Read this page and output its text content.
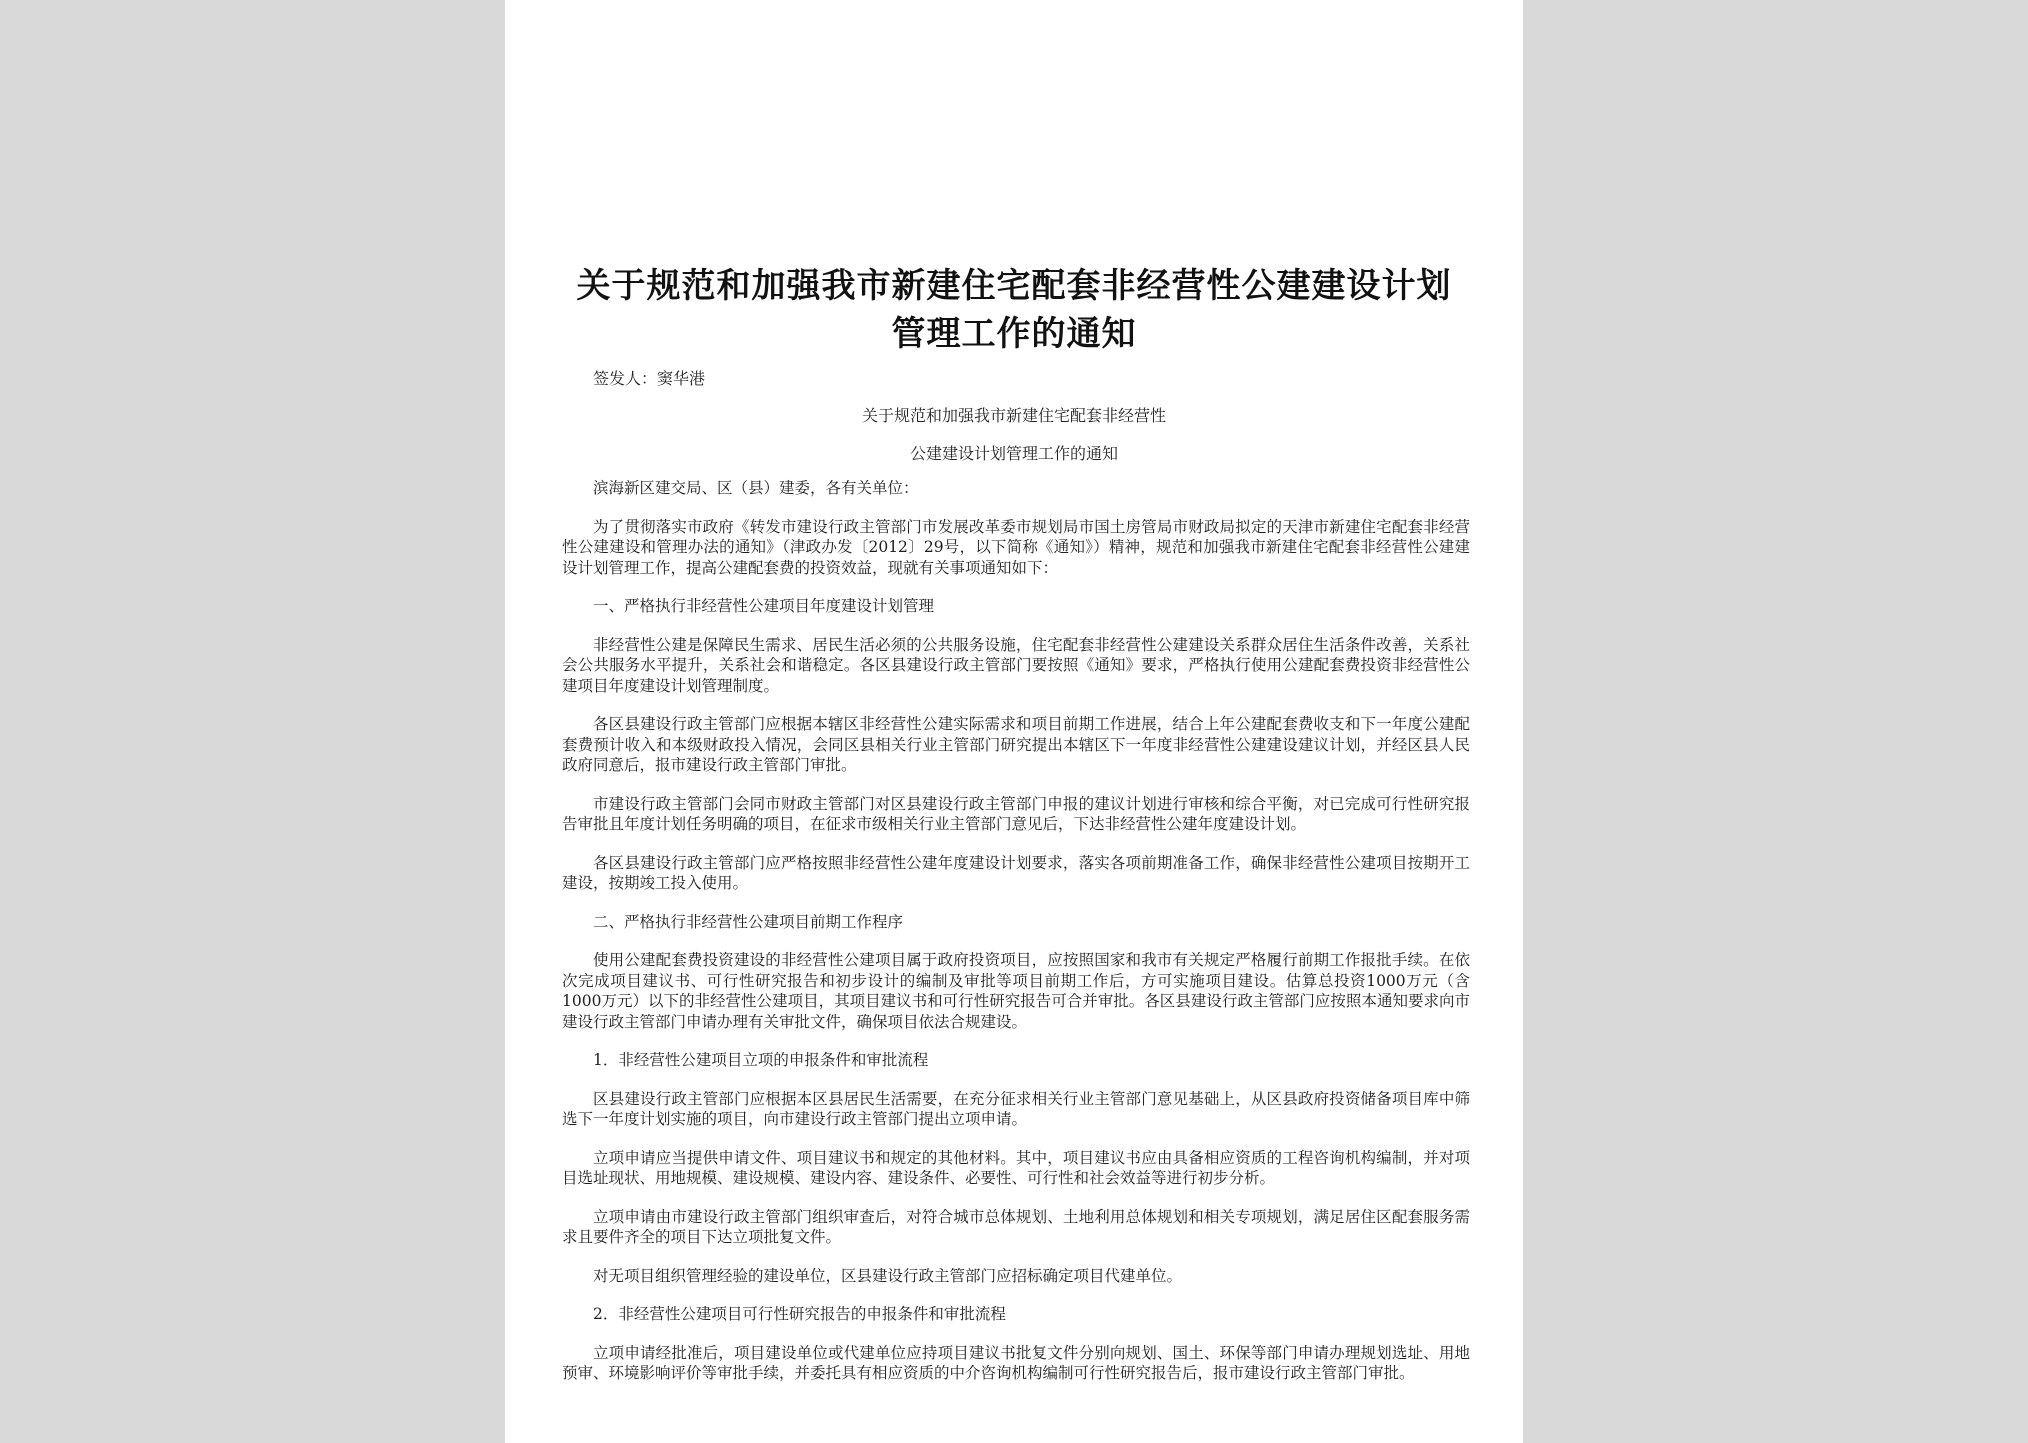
关于规范和加强我市新建住宅配套非经营性公建建设计划管理工作的通知
签发人：窦华港
关于规范和加强我市新建住宅配套非经营性
公建建设计划管理工作的通知

滨海新区建交局、区（县）建委，各有关单位：

为了贯彻落实市政府《转发市建设行政主管部门市发展改革委市规划局市国土房管局市财政局拟定的天津市新建住宅配套非经营性公建建设和管理办法的通知》（津政办发〔2012〕29号，以下简称《通知》）精神，规范和加强我市新建住宅配套非经营性公建建设计划管理工作，提高公建配套费的投资效益，现就有关事项通知如下：

一、严格执行非经营性公建项目年度建设计划管理

非经营性公建是保障民生需求、居民生活必须的公共服务设施，住宅配套非经营性公建建设关系群众居住生活条件改善，关系社会公共服务水平提升，关系社会和谐稳定。各区县建设行政主管部门要按照《通知》要求，严格执行使用公建配套费投资非经营性公建项目年度建设计划管理制度。

各区县建设行政主管部门应根据本辖区非经营性公建实际需求和项目前期工作进展，结合上年公建配套费收支和下一年度公建配套费预计收入和本级财政投入情况，会同区县相关行业主管部门研究提出本辖区下一年度非经营性公建建设建议计划，并经区县人民政府同意后，报市建设行政主管部门审批。

市建设行政主管部门会同市财政主管部门对区县建设行政主管部门申报的建议计划进行审核和综合平衡，对已完成可行性研究报告审批且年度计划任务明确的项目，在征求市级相关行业主管部门意见后，下达非经营性公建年度建设计划。

各区县建设行政主管部门应严格按照非经营性公建年度建设计划要求，落实各项前期准备工作，确保非经营性公建项目按期开工建设，按期竣工投入使用。

二、严格执行非经营性公建项目前期工作程序

使用公建配套费投资建设的非经营性公建项目属于政府投资项目，应按照国家和我市有关规定严格履行前期工作报批手续。在依次完成项目建议书、可行性研究报告和初步设计的编制及审批等项目前期工作后，方可实施项目建设。估算总投资1000万元（含1000万元）以下的非经营性公建项目，其项目建议书和可行性研究报告可合并审批。各区县建设行政主管部门应按照本通知要求向市建设行政主管部门申请办理有关审批文件，确保项目依法合规建设。

1．非经营性公建项目立项的申报条件和审批流程

区县建设行政主管部门应根据本区县居民生活需要，在充分征求相关行业主管部门意见基础上，从区县政府投资储备项目库中筛选下一年度计划实施的项目，向市建设行政主管部门提出立项申请。

立项申请应当提供申请文件、项目建议书和规定的其他材料。其中，项目建议书应由具备相应资质的工程咨询机构编制，并对项目选址现状、用地规模、建设规模、建设内容、建设条件、必要性、可行性和社会效益等进行初步分析。

立项申请由市建设行政主管部门组织审查后，对符合城市总体规划、土地利用总体规划和相关专项规划，满足居住区配套服务需求且要件齐全的项目下达立项批复文件。

对无项目组织管理经验的建设单位，区县建设行政主管部门应招标确定项目代建单位。

2．非经营性公建项目可行性研究报告的申报条件和审批流程

立项申请经批准后，项目建设单位或代建单位应持项目建议书批复文件分别向规划、国土、环保等部门申请办理规划选址、用地预审、环境影响评价等审批手续，并委托具有相应资质的中介咨询机构编制可行性研究报告后，报市建设行政主管部门审批。
